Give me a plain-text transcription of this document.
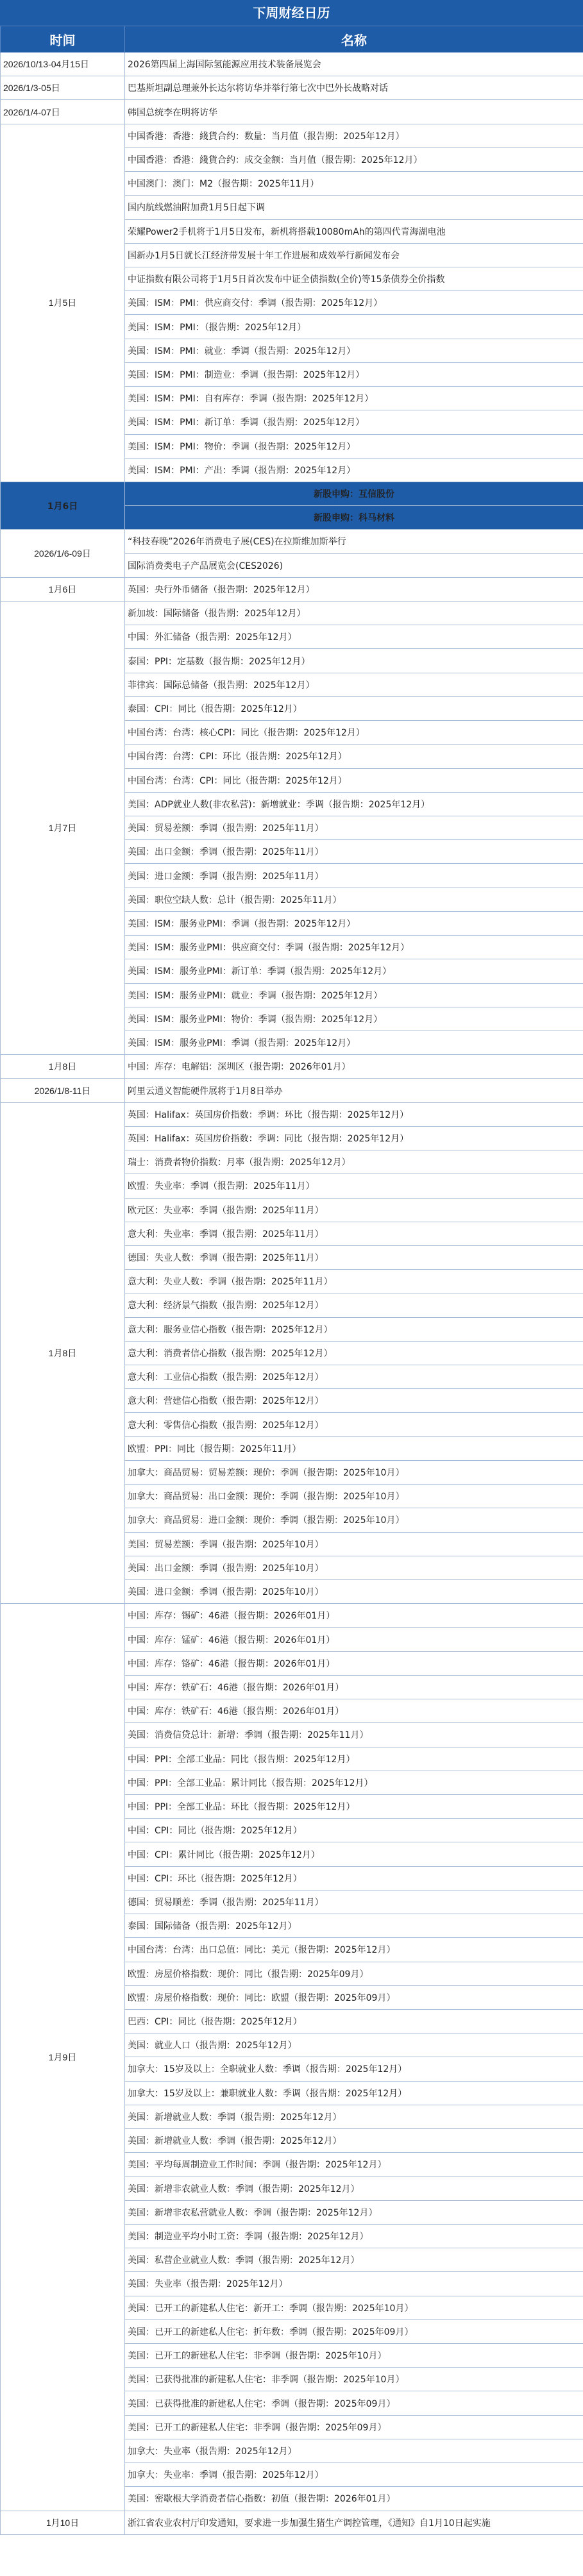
下周财经日历
时间	名称
2026/10/13-04月15日	2026第四届上海国际氢能源应用技术装备展览会
2026/1/3-05日	巴基斯坦副总理兼外长达尔将访华并举行第七次中巴外长战略对话
2026/1/4-07日	韩国总统李在明将访华
1月5日	中国香港：香港：綫貨合约：数量：当月值（报告期：2025年12月）
	中国香港：香港：綫貨合约：成交金额：当月值（报告期：2025年12月）
	中国澳门：澳门：M2（报告期：2025年11月）
	国内航线燃油附加费1月5日起下调
	荣耀Power2手机将于1月5日发布，新机将搭载10080mAh的第四代青海湖电池
	国新办1月5日就长江经济带发展十年工作进展和成效举行新闻发布会
	中证指数有限公司将于1月5日首次发布中证全债指数(全价)等15条债券全价指数
	美国：ISM：PMI：供应商交付：季调（报告期：2025年12月）
	美国：ISM：PMI：（报告期：2025年12月）
	美国：ISM：PMI：就业：季调（报告期：2025年12月）
	美国：ISM：PMI：制造业：季调（报告期：2025年12月）
	美国：ISM：PMI：自有库存：季调（报告期：2025年12月）
	美国：ISM：PMI：新订单：季调（报告期：2025年12月）
	美国：ISM：PMI：物价：季调（报告期：2025年12月）
	美国：ISM：PMI：产出：季调（报告期：2025年12月）
1月6日	新股申购：互信股份
	新股申购：科马材料
2026/1/6-09日	“科技春晚”2026年消费电子展(CES)在拉斯维加斯举行
	国际消费类电子产品展览会(CES2026)
1月6日	英国：央行外币储备（报告期：2025年12月）
1月7日	新加坡：国际储备（报告期：2025年12月）
	中国：外汇储备（报告期：2025年12月）
	泰国：PPI：定基数（报告期：2025年12月）
	菲律宾：国际总储备（报告期：2025年12月）
	泰国：CPI：同比（报告期：2025年12月）
	中国台湾：台湾：核心CPI：同比（报告期：2025年12月）
	中国台湾：台湾：CPI：环比（报告期：2025年12月）
	中国台湾：台湾：CPI：同比（报告期：2025年12月）
	美国：ADP就业人数(非农私营)：新增就业：季调（报告期：2025年12月）
	美国：贸易差额：季调（报告期：2025年11月）
	美国：出口金额：季调（报告期：2025年11月）
	美国：进口金额：季调（报告期：2025年11月）
	美国：职位空缺人数：总计（报告期：2025年11月）
	美国：ISM：服务业PMI：季调（报告期：2025年12月）
	美国：ISM：服务业PMI：供应商交付：季调（报告期：2025年12月）
	美国：ISM：服务业PMI：新订单：季调（报告期：2025年12月）
	美国：ISM：服务业PMI：就业：季调（报告期：2025年12月）
	美国：ISM：服务业PMI：物价：季调（报告期：2025年12月）
	美国：ISM：服务业PMI：季调（报告期：2025年12月）
1月8日	中国：库存：电解铝：深圳区（报告期：2026年01月）
2026/1/8-11日	阿里云通义智能硬件展将于1月8日举办
1月8日	英国：Halifax：英国房价指数：季调：环比（报告期：2025年12月）
	英国：Halifax：英国房价指数：季调：同比（报告期：2025年12月）
	瑞士：消费者物价指数：月率（报告期：2025年12月）
	欧盟：失业率：季调（报告期：2025年11月）
	欧元区：失业率：季调（报告期：2025年11月）
	意大利：失业率：季调（报告期：2025年11月）
	德国：失业人数：季调（报告期：2025年11月）
	意大利：失业人数：季调（报告期：2025年11月）
	意大利：经济景气指数（报告期：2025年12月）
	意大利：服务业信心指数（报告期：2025年12月）
	意大利：消费者信心指数（报告期：2025年12月）
	意大利：工业信心指数（报告期：2025年12月）
	意大利：营建信心指数（报告期：2025年12月）
	意大利：零售信心指数（报告期：2025年12月）
	欧盟：PPI：同比（报告期：2025年11月）
	加拿大：商品贸易：贸易差额：现价：季调（报告期：2025年10月）
	加拿大：商品贸易：出口金额：现价：季调（报告期：2025年10月）
	加拿大：商品贸易：进口金额：现价：季调（报告期：2025年10月）
	美国：贸易差额：季调（报告期：2025年10月）
	美国：出口金额：季调（报告期：2025年10月）
	美国：进口金额：季调（报告期：2025年10月）
1月9日	中国：库存：锡矿：46港（报告期：2026年01月）
	中国：库存：锰矿：46港（报告期：2026年01月）
	中国：库存：铬矿：46港（报告期：2026年01月）
	中国：库存：铁矿石：46港（报告期：2026年01月）
	中国：库存：铁矿石：46港（报告期：2026年01月）
	美国：消费信贷总计：新增：季调（报告期：2025年11月）
	中国：PPI：全部工业品：同比（报告期：2025年12月）
	中国：PPI：全部工业品：累计同比（报告期：2025年12月）
	中国：PPI：全部工业品：环比（报告期：2025年12月）
	中国：CPI：同比（报告期：2025年12月）
	中国：CPI：累计同比（报告期：2025年12月）
	中国：CPI：环比（报告期：2025年12月）
	德国：贸易顺差：季调（报告期：2025年11月）
	泰国：国际储备（报告期：2025年12月）
	中国台湾：台湾：出口总值：同比：美元（报告期：2025年12月）
	欧盟：房屋价格指数：现价：同比（报告期：2025年09月）
	欧盟：房屋价格指数：现价：同比：欧盟（报告期：2025年09月）
	巴西：CPI：同比（报告期：2025年12月）
	美国：就业人口（报告期：2025年12月）
	加拿大：15岁及以上：全职就业人数：季调（报告期：2025年12月）
	加拿大：15岁及以上：兼职就业人数：季调（报告期：2025年12月）
	美国：新增就业人数：季调（报告期：2025年12月）
	美国：新增就业人数：季调（报告期：2025年12月）
	美国：平均每周制造业工作时间：季调（报告期：2025年12月）
	美国：新增非农就业人数：季调（报告期：2025年12月）
	美国：新增非农私营就业人数：季调（报告期：2025年12月）
	美国：制造业平均小时工资：季调（报告期：2025年12月）
	美国：私营企业就业人数：季调（报告期：2025年12月）
	美国：失业率（报告期：2025年12月）
	美国：已开工的新建私人住宅：新开工：季调（报告期：2025年10月）
	美国：已开工的新建私人住宅：折年数：季调（报告期：2025年09月）
	美国：已开工的新建私人住宅：非季调（报告期：2025年10月）
	美国：已获得批准的新建私人住宅：非季调（报告期：2025年10月）
	美国：已获得批准的新建私人住宅：季调（报告期：2025年09月）
	美国：已开工的新建私人住宅：非季调（报告期：2025年09月）
	加拿大：失业率（报告期：2025年12月）
	加拿大：失业率：季调（报告期：2025年12月）
	美国：密歇根大学消费者信心指数：初值（报告期：2026年01月）
1月10日	浙江省农业农村厅印发通知，要求进一步加强生猪生产调控管理，《通知》自1月10日起实施
